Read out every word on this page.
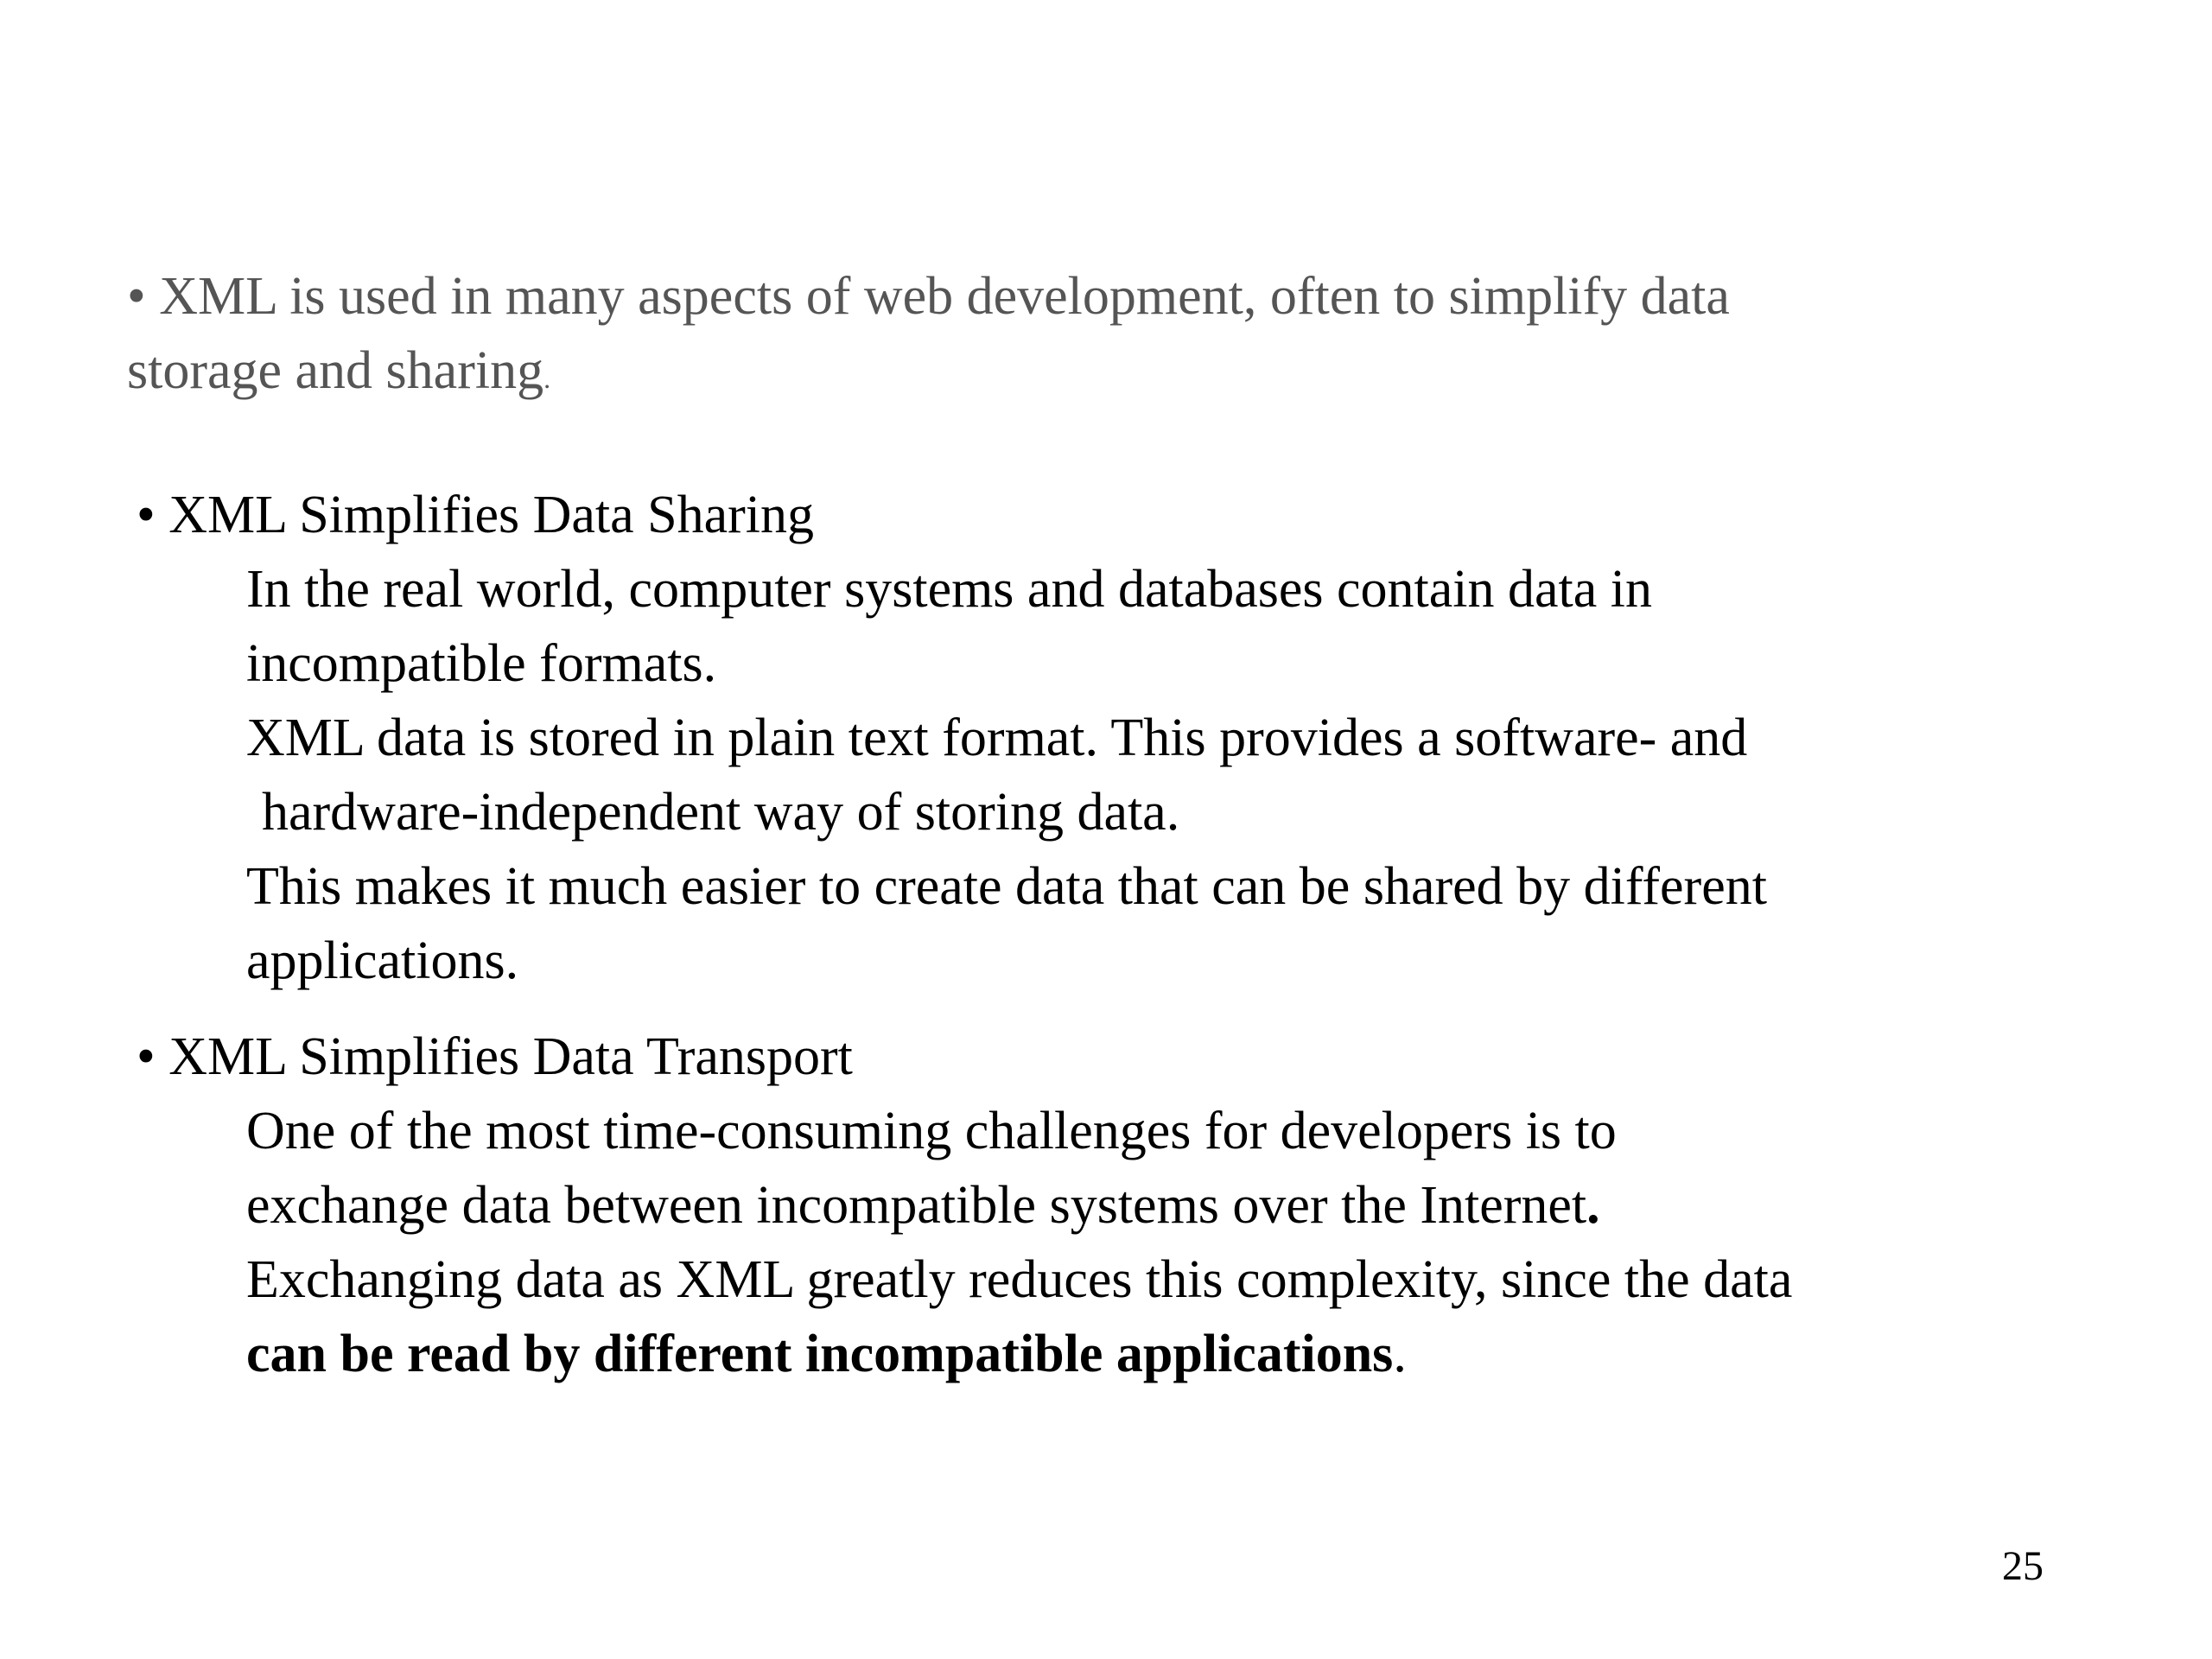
• XML is used in many aspects of web development, often to simplify data
storage and sharing.
• XML Simplifies Data Sharing
In the real world, computer systems and databases contain data in
incompatible formats.
XML data is stored in plain text format. This provides a software- and
hardware-independent way of storing data.
This makes it much easier to create data that can be shared by different
applications.
• XML Simplifies Data Transport
One of the most time-consuming challenges for developers is to
exchange data between incompatible systems over the Internet.
Exchanging data as XML greatly reduces this complexity, since the data
can be read by different incompatible applications.
25
